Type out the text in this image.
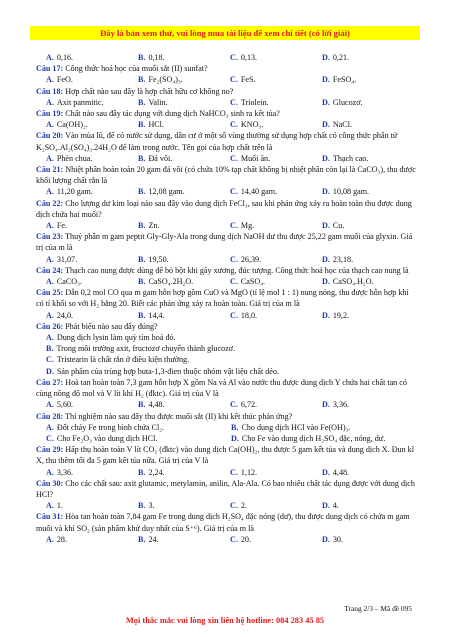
Đây là bản xem thử, vui lòng mua tài liệu để xem chi tiết (có lời giải)
A. 0,16.	B. 0,18.	C. 0,13.	D. 0,21.
Câu 17: Công thức hoá học của muối sắt (II) sunfat?
A. FeO.	B. Fe₂(SO₄)₃.	C. FeS.	D. FeSO₄.
Câu 18: Hợp chất nào sau đây là hợp chất hữu cơ không no?
A. Axit panmitic.	B. Valin.	C. Triolein.	D. Glucozơ.
Câu 19: Chất nào sau đây tác dụng với dung dịch NaHCO₃ sinh ra kết tủa?
A. Ca(OH)₂.	B. HCl.	C. KNO₃.	D. NaCl.
Câu 20: Vào mùa lũ, để có nước sử dụng, dân cư ở một số vùng thường sử dụng hợp chất có công thức phân tử K₂SO₄.Al₂(SO₄)₃.24H₂O để làm trong nước. Tên gọi của hợp chất trên là
A. Phèn chua.	B. Đá vôi.	C. Muối ăn.	D. Thạch cao.
Câu 21: Nhiệt phân hoàn toàn 20 gam đá vôi (có chứa 10% tạp chất không bị nhiệt phân còn lại là CaCO₃), thu được khối lượng chất rắn là
A. 11,20 gam.	B. 12,08 gam.	C. 14,40 gam.	D. 10,08 gam.
Câu 22: Cho lượng dư kim loại nào sau đây vào dung dịch FeCl₃, sau khi phản ứng xảy ra hoàn toàn thu được dung dịch chứa hai muối?
A. Fe.	B. Zn.	C. Mg.	D. Cu.
Câu 23: Thuỷ phân m gam peptit Gly-Gly-Ala trong dung dịch NaOH dư thu được 25,22 gam muối của glyxin. Giá trị của m là
A. 31,07.	B. 19,50.	C. 26,39.	D. 23,18.
Câu 24: Thạch cao nung được dùng để bó bột khi gãy xương, đúc tượng. Công thức hoá học của thạch cao nung là
A. CaCO₃.	B. CaSO₄.2H₂O.	C. CaSO₄.	D. CaSO₄.H₂O.
Câu 25: Dẫn 0,2 mol CO qua m gam hỗn hợp gồm CuO và MgO (tỉ lệ mol 1 : 1) nung nóng, thu được hỗn hợp khí có tỉ khối so với H₂ bằng 20. Biết các phản ứng xảy ra hoàn toàn. Giá trị của m là
A. 24,0.	B. 14,4.	C. 18,0.	D. 19,2.
Câu 26: Phát biểu nào sau đây đúng?
A. Dung dịch lysin làm quỳ tím hoá đỏ.
B. Trong môi trường axit, fructozơ chuyển thành glucozơ.
C. Tristearin là chất rắn ở điều kiện thường.
D. Sản phẩm của trùng hợp buta-1,3-đien thuộc nhóm vật liệu chất dẻo.
Câu 27: Hoà tan hoàn toàn 7,3 gam hỗn hợp X gồm Na và Al vào nước thu được dung dịch Y chứa hai chất tan có cùng nồng độ mol và V lít khí H₂ (đktc). Giá trị của V là
A. 5,60.	B. 4,48.	C. 6,72.	D. 3,36.
Câu 28: Thí nghiệm nào sau đây thu được muối sắt (II) khi kết thúc phản ứng?
A. Đốt cháy Fe trong bình chứa Cl₂.	B. Cho dung dịch HCl vào Fe(OH)₃.
C. Cho Fe₂O₃ vào dung dịch HCl.	D. Cho Fe vào dung dịch H₂SO₄ đặc, nóng, dư.
Câu 29: Hấp thụ hoàn toàn V lít CO₂ (đktc) vào dung dịch Ca(OH)₂, thu được 5 gam kết tủa và dung dịch X. Đun kĩ X, thu thêm tối đa 5 gam kết tủa nữa. Giá trị của V là
A. 3,36.	B. 2,24.	C. 1,12.	D. 4,48.
Câu 30: Cho các chất sau: axit glutamic, metylamin, anilin, Ala-Ala. Có bao nhiêu chất tác dụng được với dung dịch HCl?
A. 1.	B. 3.	C. 2.	D. 4.
Câu 31: Hòa tan hoàn toàn 7,84 gam Fe trong dung dịch H₂SO₄ đặc nóng (dư), thu được dung dịch có chứa m gam muối và khí SO₂ (sản phẩm khử duy nhất của S⁺⁶). Giá trị của m là
A. 28.	B. 24.	C. 20.	D. 30.
Trang 2/3 – Mã đề 095
Mọi thắc mắc vui lòng xin liên hệ hotline: 084 283 45 85
